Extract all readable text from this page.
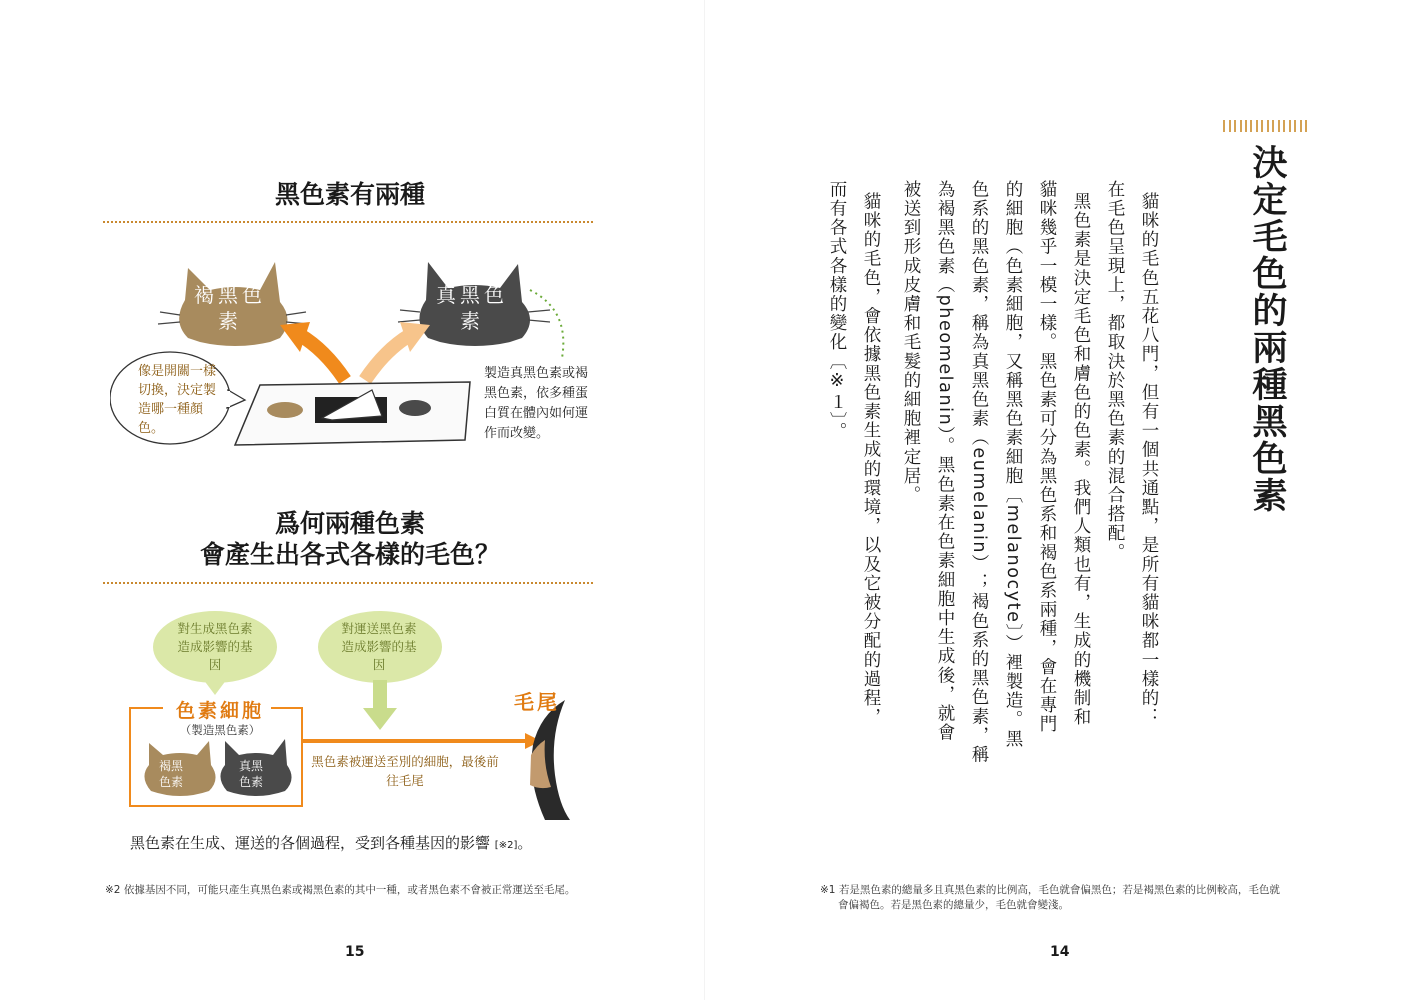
黑色素有兩種
褐黑色素
真黑色素
像是開關一樣切換，決定製造哪一種顏色。
製造真黑色素或褐黑色素，依多種蛋白質在體內如何運作而改變。
爲何兩種色素
會產生出各式各樣的毛色？
對生成黑色素造成影響的基因
對運送黑色素造成影響的基因
色素細胞
（製造黑色素）
褐黑色素
真黑色素
黑色素被運送至別的細胞，最後前往毛尾
毛尾
黑色素在生成、運送的各個過程，受到各種基因的影響 [※2]。
※2 依據基因不同，可能只產生真黑色素或褐黑色素的其中一種，或者黑色素不會被正常運送至毛尾。
15
決定毛色的兩種黑色素
貓咪的毛色五花八門，但有一個共通點，是所有貓咪都一樣的：
在毛色呈現上，都取決於黑色素的混合搭配。
黑色素是決定毛色和膚色的色素。我們人類也有，生成的機制和
貓咪幾乎一模一樣。黑色素可分為黑色系和褐色系兩種，會在專門
的細胞（色素細胞，又稱黑色素細胞〔melanocyte〕）裡製造。黑
色系的黑色素，稱為真黑色素（eumelanin）；褐色系的黑色素，稱
為褐黑色素（pheomelanin）。黑色素在色素細胞中生成後，就會
被送到形成皮膚和毛髮的細胞裡定居。
貓咪的毛色，會依據黑色素生成的環境，以及它被分配的過程，
而有各式各樣的變化〔※１〕。
※1 若是黑色素的總量多且真黑色素的比例高，毛色就會偏黑色；若是褐黑色素的比例較高，毛色就
會偏褐色。若是黑色素的總量少，毛色就會變淺。
14
